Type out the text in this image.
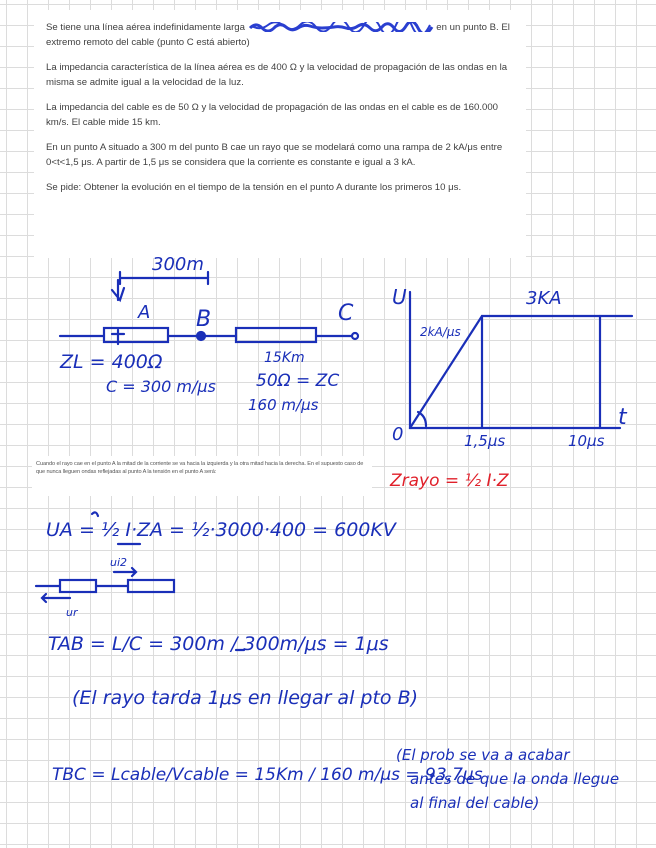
Se tiene una línea aérea indefinidamente larga	en un punto B. El extremo remoto del cable (punto C está abierto)

La impedancia característica de la línea aérea es de 400 Ω y la velocidad de propagación de las ondas en la misma se admite igual a la velocidad de la luz.

La impedancia del cable es de 50 Ω y la velocidad de propagación de las ondas en el cable es de 160.000 km/s. El cable mide 15 km.

En un punto A situado a 300 m del punto B cae un rayo que se modelará como una rampa de 2 kA/μs entre 0<t<1,5 μs. A partir de 1,5 μs se considera que la corriente es constante e igual a 3 kA.

Se pide: Obtener la evolución en el tiempo de la tensión en el punto A durante los primeros 10 μs.

Cuando el rayo cae en el punto A la mitad de la corriente se va hacia la izquierda y la otra mitad hacia la derecha. En el supuesto caso de que nunca lleguen ondas reflejadas al punto A la tensión en el punto A será:
300m
A B	C
ZL = 400Ω
C = 300 m/μs
15Km
50Ω = ZC
160 m/μs
U
t
2kA/μs
3KA
0	1,5μs	10μs
Zrayo = ½ I·Z
UA = ½ I·ZA = ½·3000·400 = 600KV
ui2
ur
TAB = L/C = 300m / 300m/μs = 1μs
(El rayo tarda 1μs en llegar al pto B)
TBC = Lcable/Vcable = 15Km / 160 m/μs = 93,7μs
(El prob se va a acabar
antes de que la onda llegue
al final del cable)
